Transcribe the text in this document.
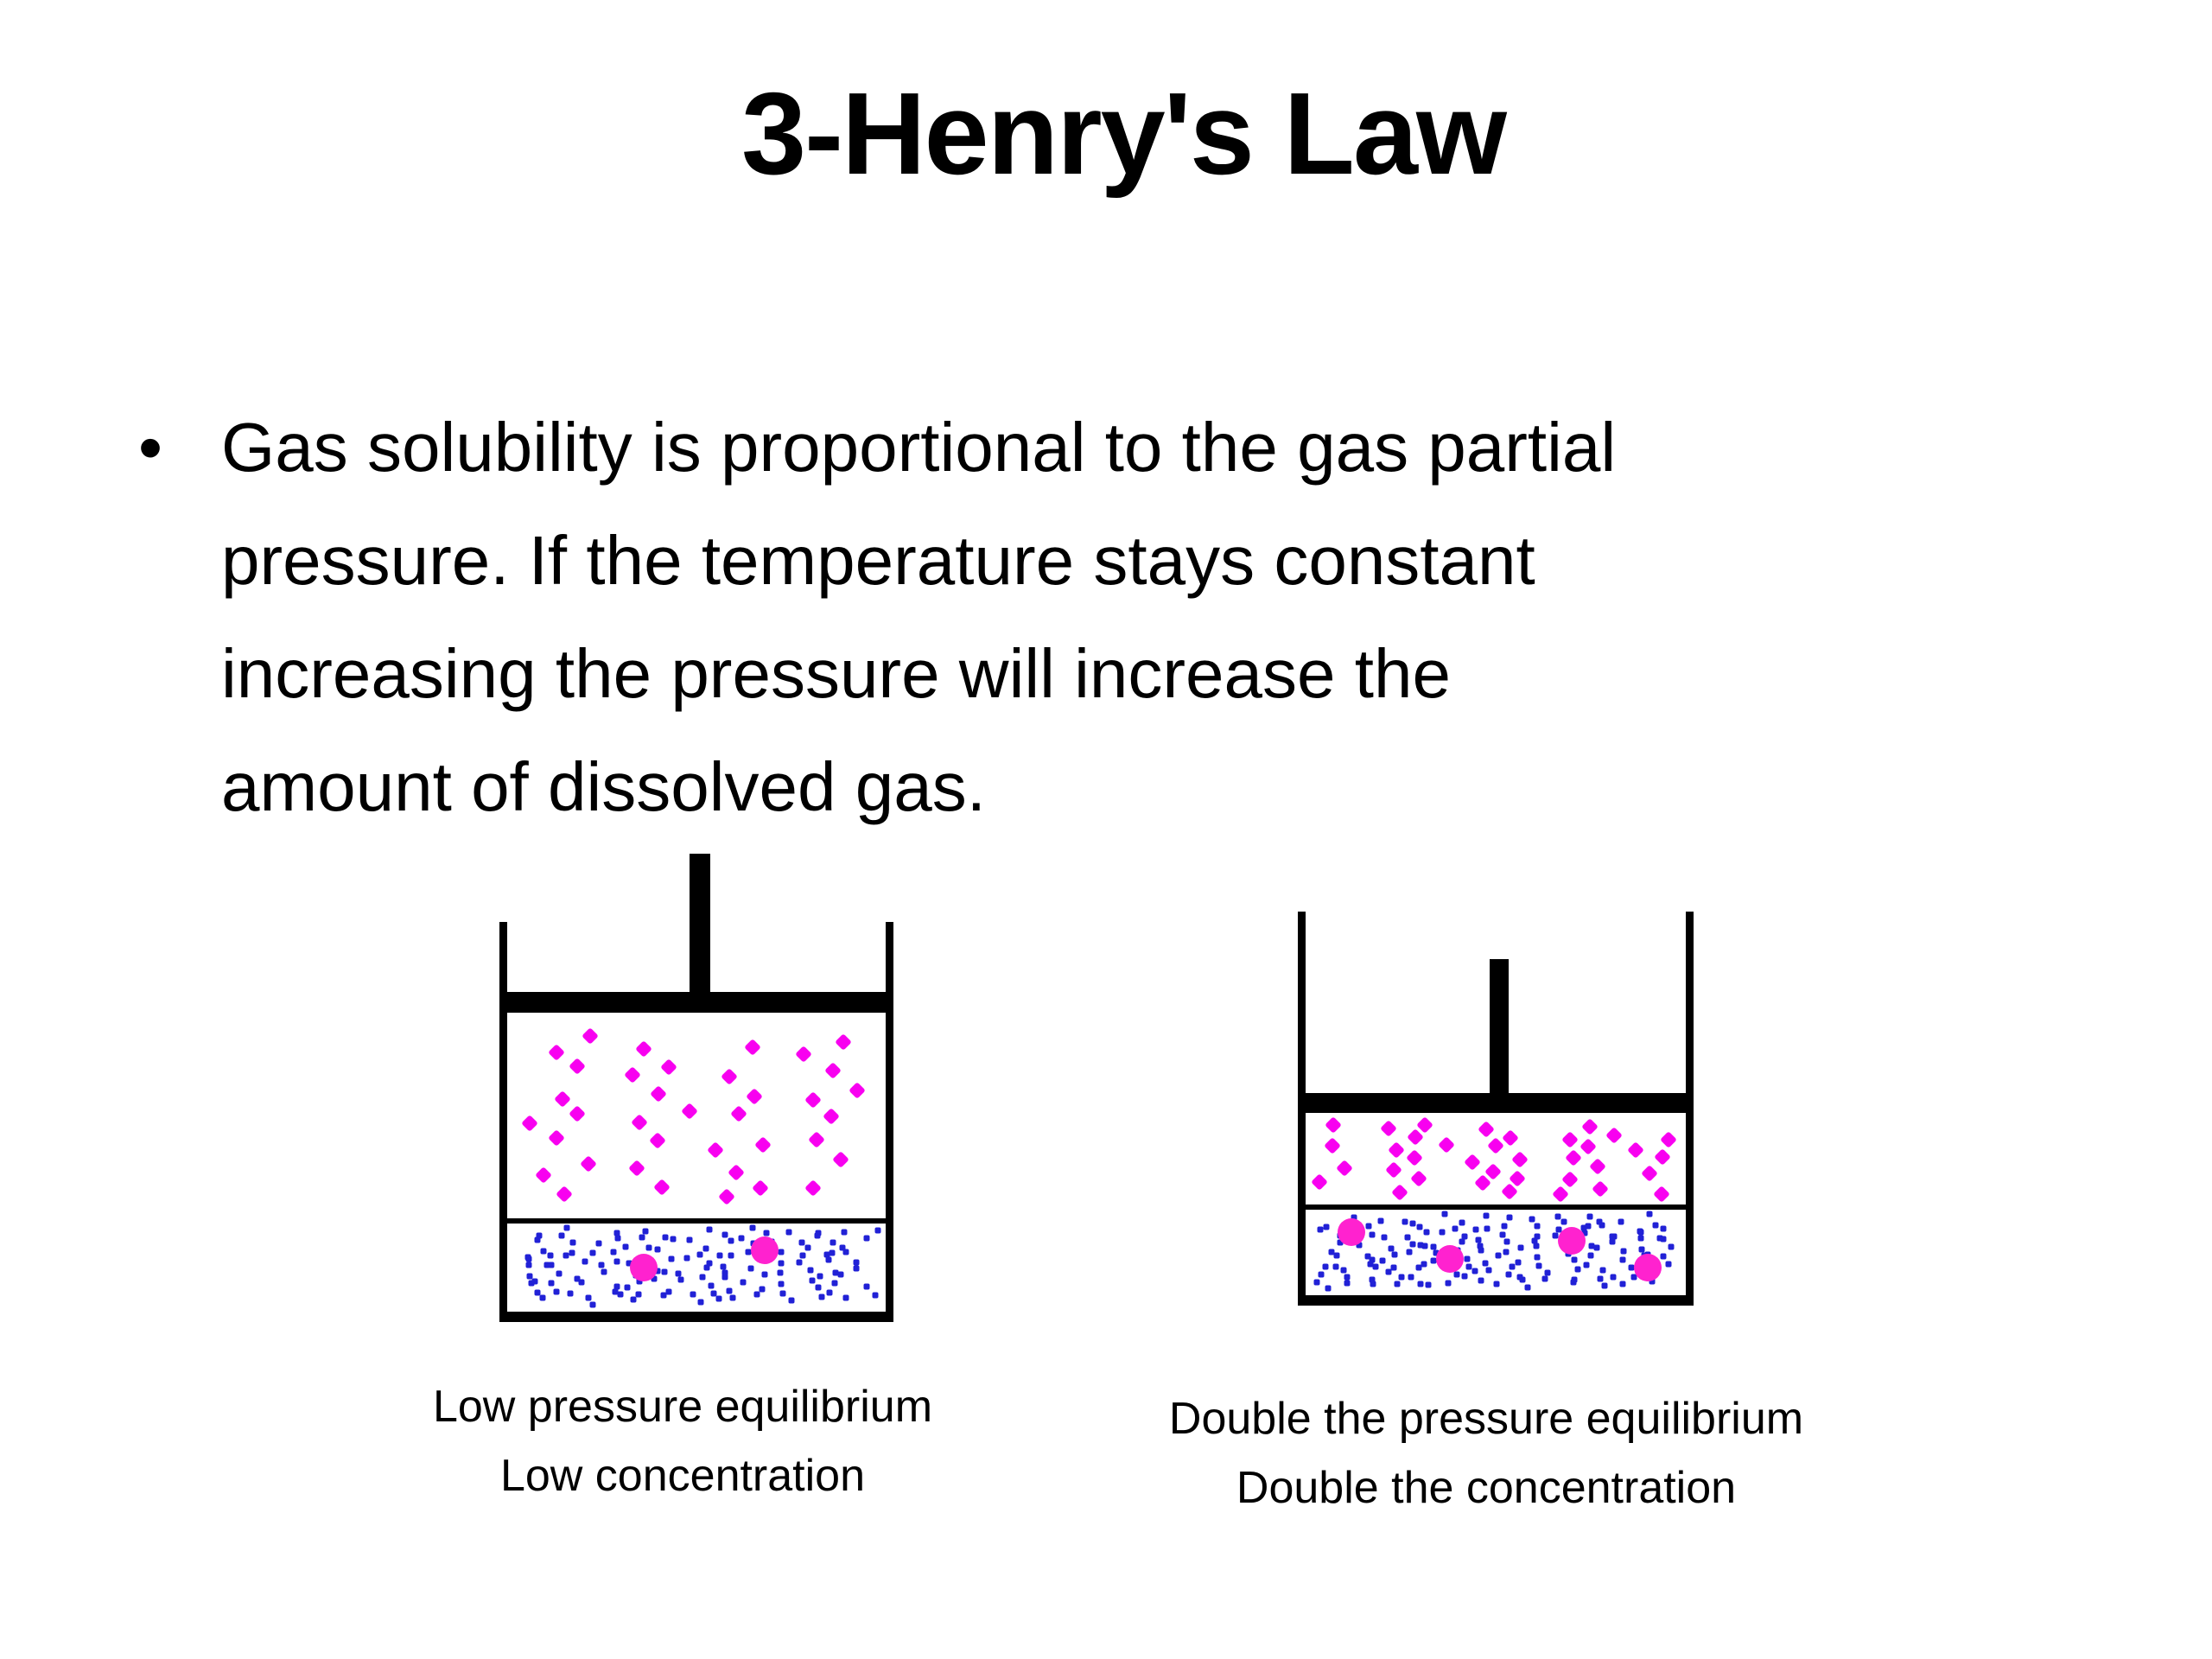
3-Henry's Law
• Gas solubility is proportional to the gas partial
pressure. If the temperature stays constant
increasing the pressure will increase the
amount of dissolved gas.
Low pressure equilibrium
Low concentration
Double the pressure equilibrium
Double the concentration
